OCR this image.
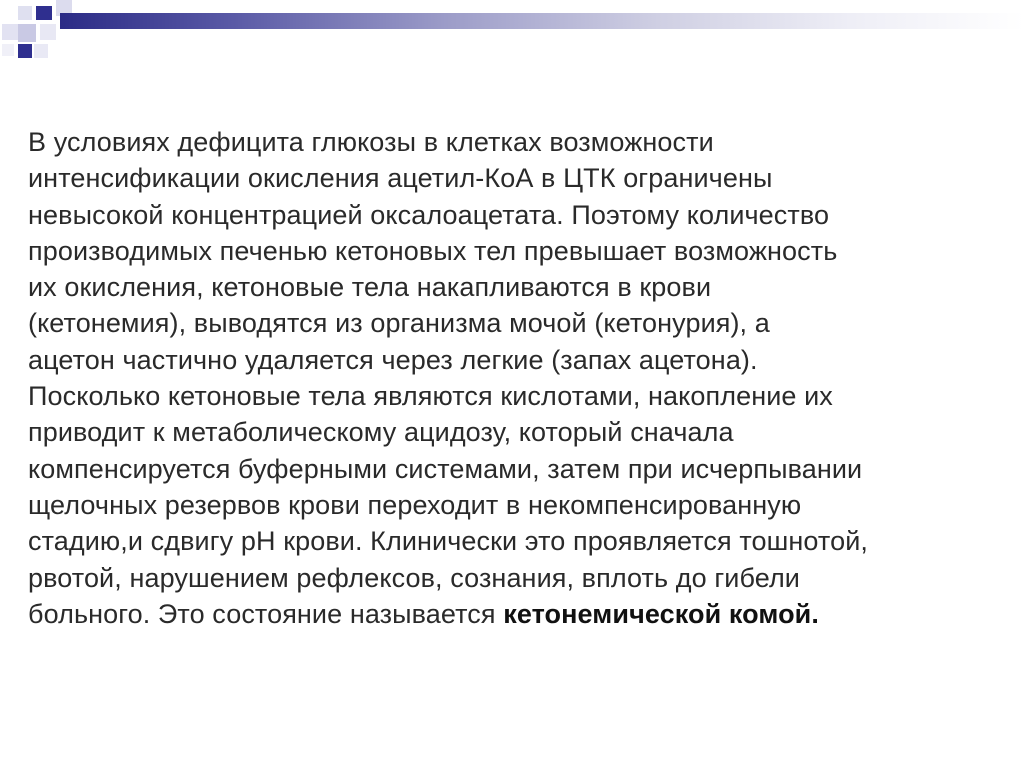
В условиях дефицита глюкозы в клетках возможности
интенсификации окисления ацетил-КоА в ЦТК ограничены
невысокой концентрацией оксалоацетата. Поэтому количество
производимых печенью кетоновых тел превышает возможность
их окисления, кетоновые тела накапливаются в крови
(кетонемия), выводятся из организма мочой (кетонурия), а
ацетон частично удаляется через легкие (запах ацетона).
Посколько кетоновые тела являются кислотами, накопление их
приводит к метаболическому ацидозу, который сначала
компенсируется буферными системами, затем при исчерпывании
щелочных резервов крови переходит в некомпенсированную
стадию,и сдвигу рН крови. Клинически это проявляется тошнотой,
рвотой, нарушением рефлексов, сознания, вплоть до гибели
больного. Это состояние называется кетонемической комой.
